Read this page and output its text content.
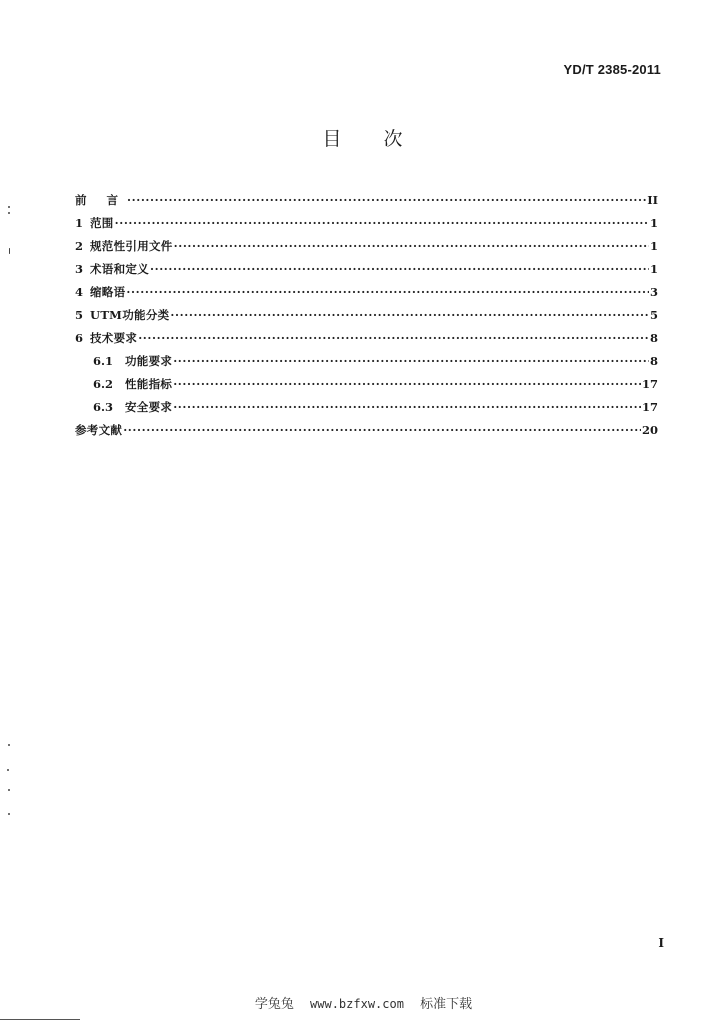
YD/T 2385-2011
目 次
前 言 ·····	II
1 范围 ·····	1
2 规范性引用文件 ·····	1
3 术语和定义 ·····	1
4 缩略语 ·····	3
5 UTM功能分类 ·····	5
6 技术要求 ·····	8
6.1	功能要求 ·····	8
6.2	性能指标 ·····	17
6.3	安全要求 ·····	17
参考文献 ·····	20
I
学兔兔 www.bzfxw.com 标准下载
